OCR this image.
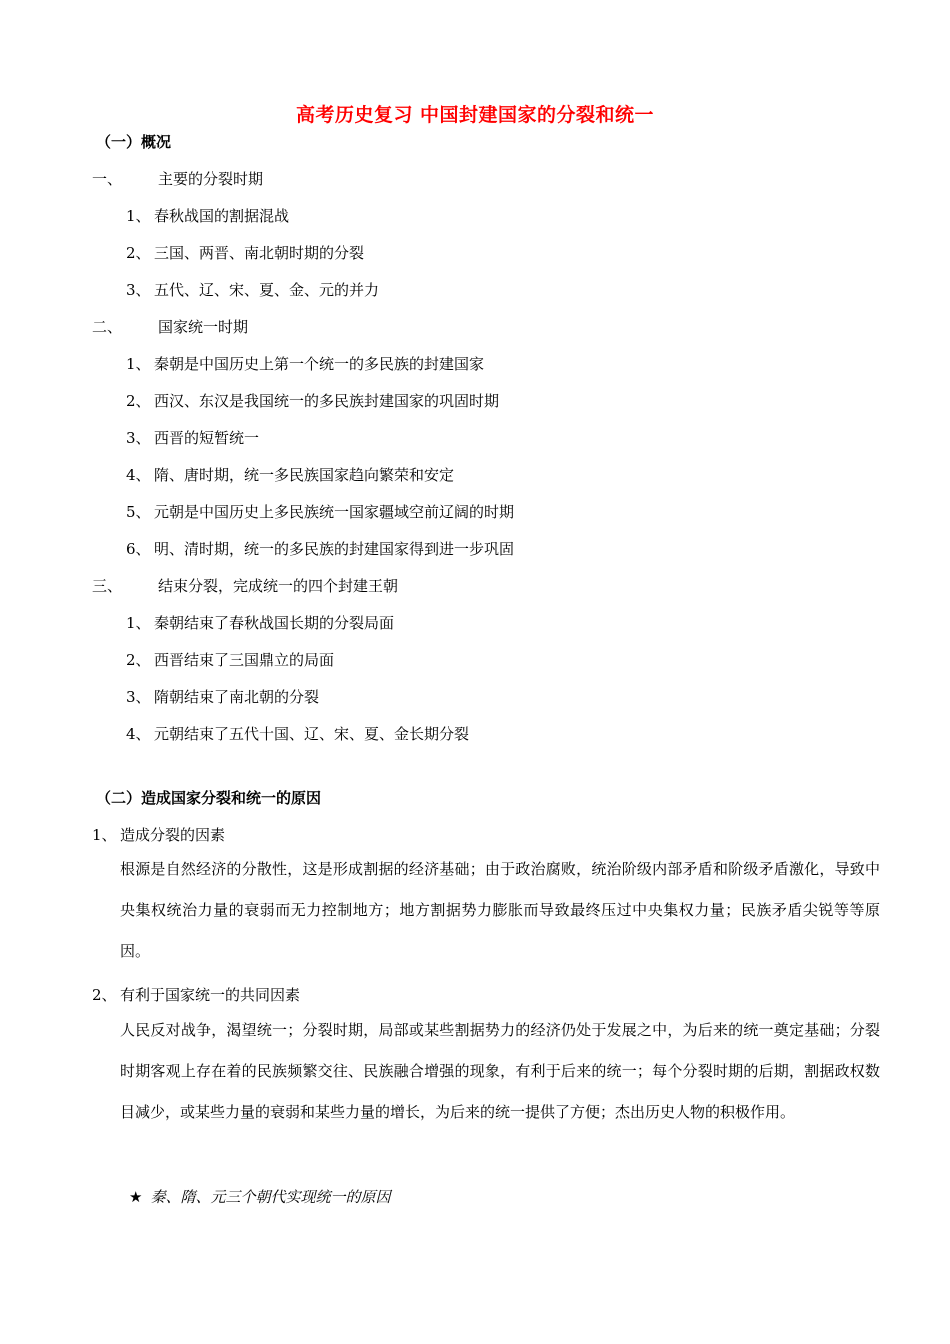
高考历史复习 中国封建国家的分裂和统一
（一）概况
一、 主要的分裂时期
1、 春秋战国的割据混战
2、 三国、两晋、南北朝时期的分裂
3、 五代、辽、宋、夏、金、元的并力
二、 国家统一时期
1、 秦朝是中国历史上第一个统一的多民族的封建国家
2、 西汉、东汉是我国统一的多民族封建国家的巩固时期
3、 西晋的短暂统一
4、 隋、唐时期，统一多民族国家趋向繁荣和安定
5、 元朝是中国历史上多民族统一国家疆域空前辽阔的时期
6、 明、清时期，统一的多民族的封建国家得到进一步巩固
三、 结束分裂，完成统一的四个封建王朝
1、 秦朝结束了春秋战国长期的分裂局面
2、 西晋结束了三国鼎立的局面
3、 隋朝结束了南北朝的分裂
4、 元朝结束了五代十国、辽、宋、夏、金长期分裂
（二）造成国家分裂和统一的原因
1、 造成分裂的因素
根源是自然经济的分散性，这是形成割据的经济基础；由于政治腐败，统治阶级内部矛盾和阶级矛盾激化，导致中央集权统治力量的衰弱而无力控制地方；地方割据势力膨胀而导致最终压过中央集权力量；民族矛盾尖锐等等原因。
2、 有利于国家统一的共同因素
人民反对战争，渴望统一；分裂时期，局部或某些割据势力的经济仍处于发展之中，为后来的统一奠定基础；分裂时期客观上存在着的民族频繁交往、民族融合增强的现象，有利于后来的统一；每个分裂时期的后期，割据政权数目减少，或某些力量的衰弱和某些力量的增长，为后来的统一提供了方便；杰出历史人物的积极作用。
★ 秦、隋、元三个朝代实现统一的原因
